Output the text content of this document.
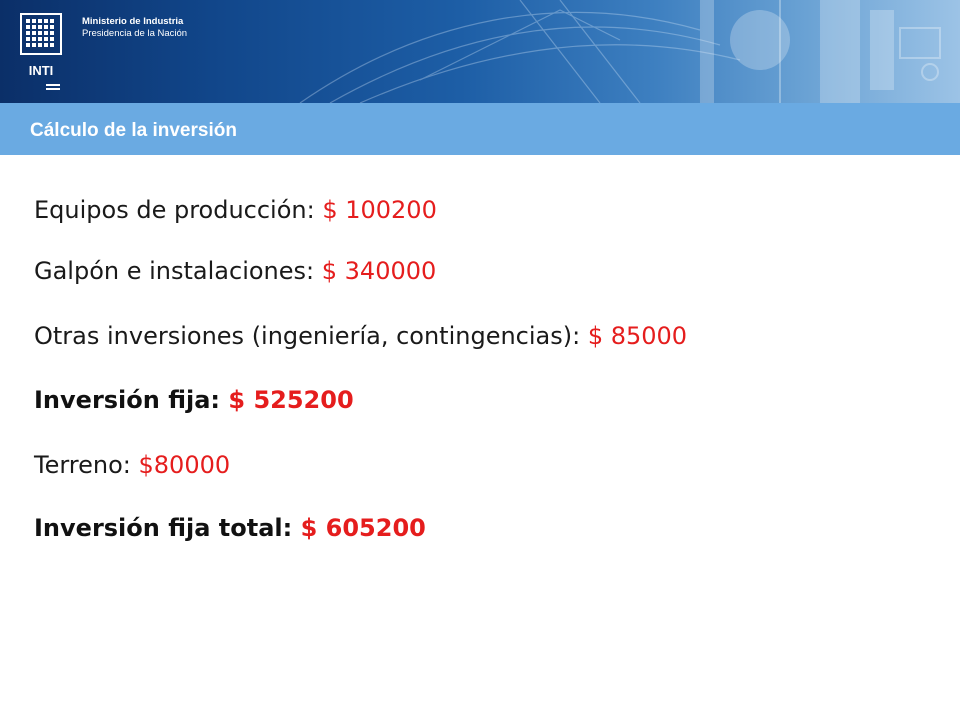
INTI
Ministerio de Industria
Presidencia de la Nación
Cálculo de la inversión
Equipos de producción: $ 100200
Galpón e instalaciones: $ 340000
Otras inversiones (ingeniería, contingencias): $ 85000
Inversión fija: $ 525200
Terreno: $80000
Inversión fija total: $ 605200
